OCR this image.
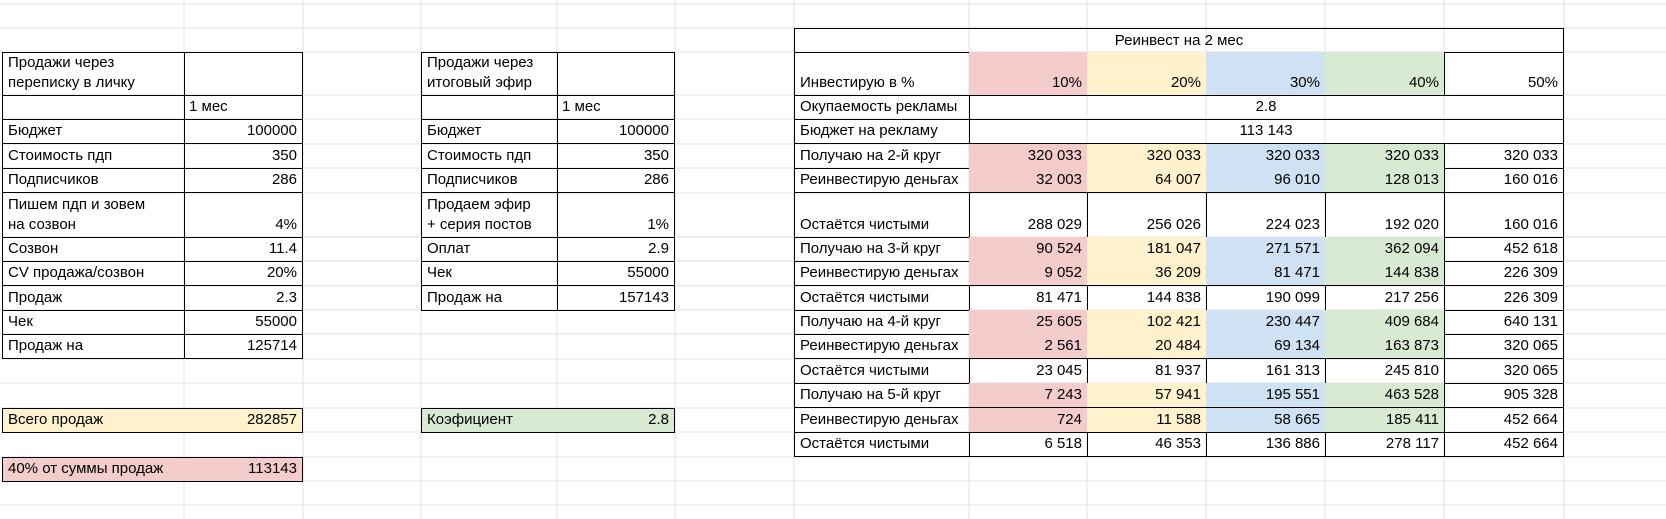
Продажи через
переписку в личку
1 мес
Бюджет	100000
Стоимость пдп	350
Подписчиков	286
Пишем пдп и зовем
на созвон	4%
Созвон	11.4
CV продажа/созвон	20%
Продаж	2.3
Чек	55000
Продаж на	125714
Всего продаж	282857
40% от суммы продаж	113143
Продажи через
итоговый эфир
1 мес
Бюджет	100000
Стоимость пдп	350
Подписчиков	286
Продаем эфир
+ серия постов	1%
Оплат	2.9
Чек	55000
Продаж на	157143
Коэфициент	2.8
Реинвест на 2 мес
Инвестирую в %	10%	20%	30%	40%	50%
Окупаемость рекламы	2.8
Бюджет на рекламу	113 143
Получаю на 2-й круг	320 033	320 033	320 033	320 033	320 033
Реинвестирую деньгах	32 003	64 007	96 010	128 013	160 016
Остаётся чистыми	288 029	256 026	224 023	192 020	160 016
Получаю на 3-й круг	90 524	181 047	271 571	362 094	452 618
Реинвестирую деньгах	9 052	36 209	81 471	144 838	226 309
Остаётся чистыми	81 471	144 838	190 099	217 256	226 309
Получаю на 4-й круг	25 605	102 421	230 447	409 684	640 131
Реинвестирую деньгах	2 561	20 484	69 134	163 873	320 065
Остаётся чистыми	23 045	81 937	161 313	245 810	320 065
Получаю на 5-й круг	7 243	57 941	195 551	463 528	905 328
Реинвестирую деньгах	724	11 588	58 665	185 411	452 664
Остаётся чистыми	6 518	46 353	136 886	278 117	452 664
